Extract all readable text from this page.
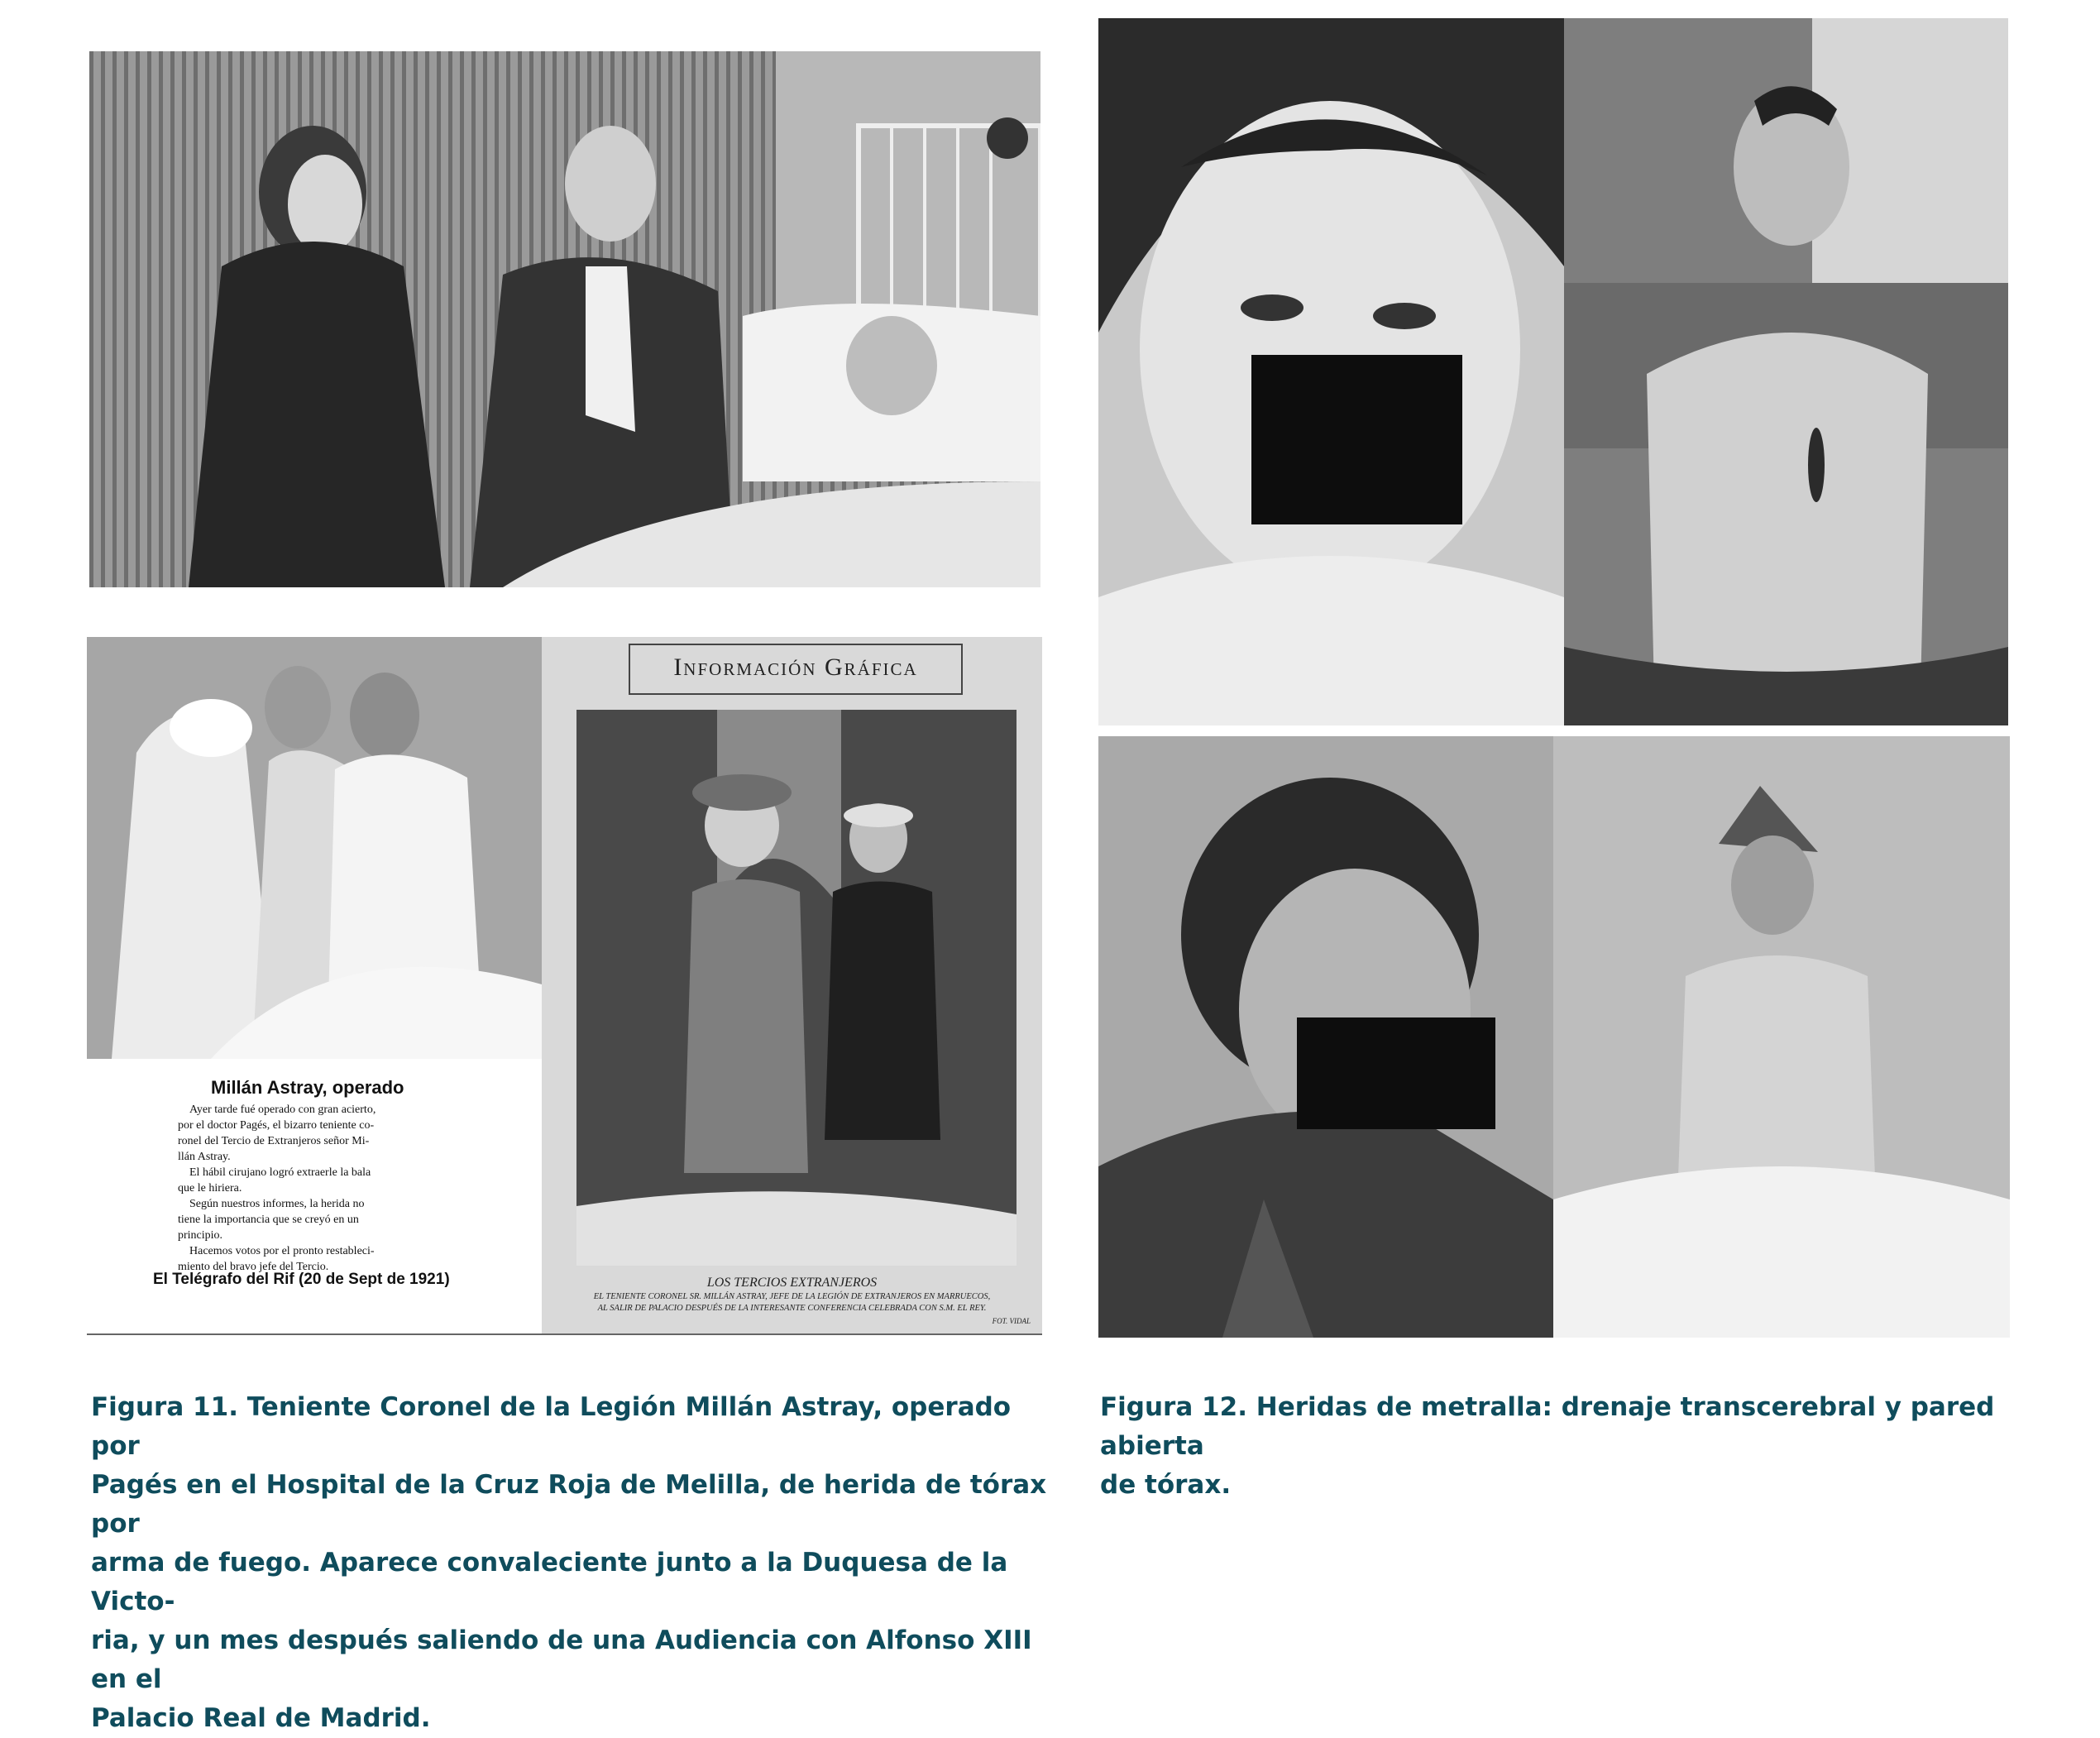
Millán Astray, operado
Ayer tarde fué operado con gran acierto,
por el doctor Pagés, el bizarro teniente co-
ronel del Tercio de Extranjeros señor Mi-
llán Astray.
El hábil cirujano logró extraerle la bala
que le hiriera.
Según nuestros informes, la herida no
tiene la importancia que se creyó en un
principio.
Hacemos votos por el pronto restableci-
miento del bravo jefe del Tercio.
El Telégrafo del Rif (20 de Sept de 1921)
Información Gráfica
LOS TERCIOS EXTRANJEROS
EL TENIENTE CORONEL SR. MILLÁN ASTRAY, JEFE DE LA LEGIÓN DE EXTRANJEROS EN MARRUECOS,
AL SALIR DE PALACIO DESPUÉS DE LA INTERESANTE CONFERENCIA CELEBRADA CON S.M. EL REY.
FOT. VIDAL
Figura 11. Teniente Coronel de la Legión Millán Astray, operado por
Pagés en el Hospital de la Cruz Roja de Melilla, de herida de tórax por
arma de fuego. Aparece convaleciente junto a la Duquesa de la Victo-
ria, y un mes después saliendo de una Audiencia con Alfonso XIII en el
Palacio Real de Madrid.
Figura 12. Heridas de metralla: drenaje transcerebral y pared abierta
de tórax.
